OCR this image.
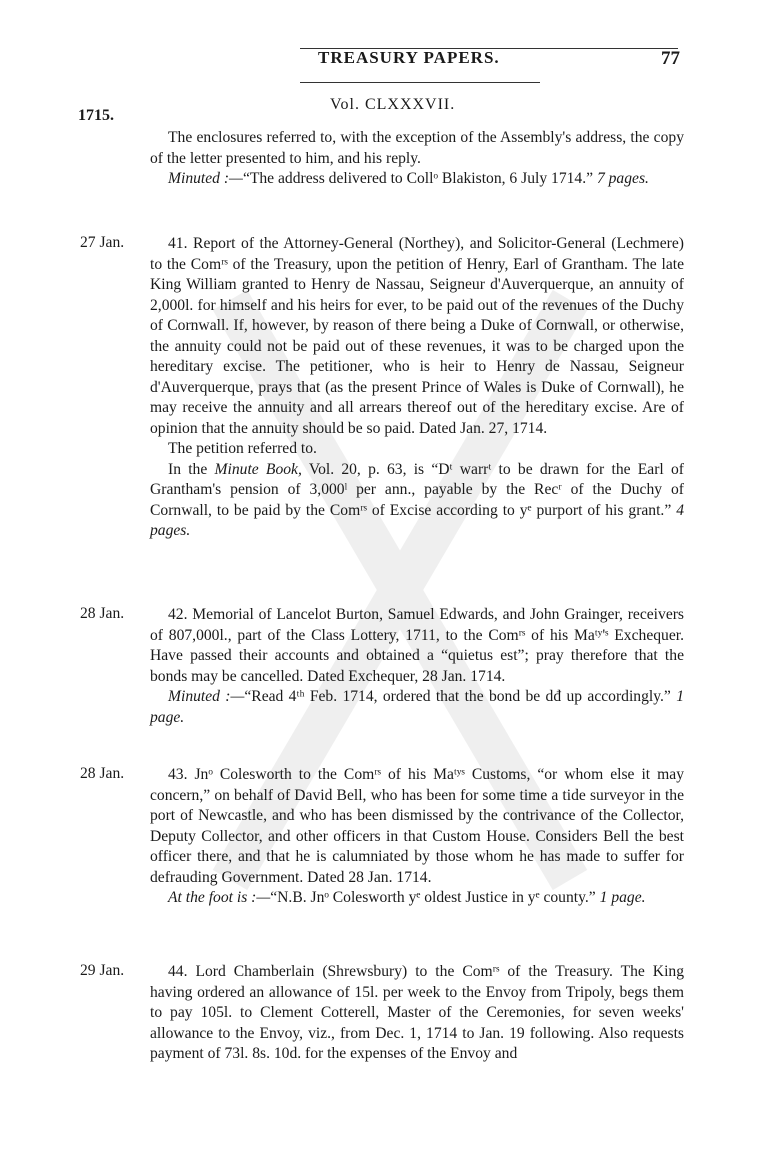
TREASURY PAPERS.	77
1715.
Vol. CLXXXVII.

The enclosures referred to, with the exception of the Assembly's address, the copy of the letter presented to him, and his reply.

Minuted :—“The address delivered to Collᵒ Blakiston, 6 July 1714.” 7 pages.

27 Jan.	41. Report of the Attorney-General (Northey), and Solicitor-General (Lechmere) to the Comʳˢ of the Treasury, upon the petition of Henry, Earl of Grantham. The late King William granted to Henry de Nassau, Seigneur d'Auverquerque, an annuity of 2,000l. for himself and his heirs for ever, to be paid out of the revenues of the Duchy of Cornwall. If, however, by reason of there being a Duke of Cornwall, or otherwise, the annuity could not be paid out of these revenues, it was to be charged upon the hereditary excise. The petitioner, who is heir to Henry de Nassau, Seigneur d'Auverquerque, prays that (as the present Prince of Wales is Duke of Cornwall), he may receive the annuity and all arrears thereof out of the hereditary excise. Are of opinion that the annuity should be so paid. Dated Jan. 27, 1714.

The petition referred to.

In the Minute Book, Vol. 20, p. 63, is “Dᵗ warrᵗ to be drawn for the Earl of Grantham's pension of 3,000ˡ per ann., payable by the Recʳ of the Duchy of Cornwall, to be paid by the Comʳˢ of Excise according to yᵉ purport of his grant.” 4 pages.

28 Jan.	42. Memorial of Lancelot Burton, Samuel Edwards, and John Grainger, receivers of 807,000l., part of the Class Lottery, 1711, to the Comʳˢ of his Maᵗʸ'ˢ Exchequer. Have passed their accounts and obtained a “quietus est”; pray therefore that the bonds may be cancelled. Dated Exchequer, 28 Jan. 1714.

Minuted :—“Read 4ᵗʰ Feb. 1714, ordered that the bond be dđ up accordingly.” 1 page.

28 Jan.	43. Jnᵒ Colesworth to the Comʳˢ of his Maᵗʸˢ Customs, “or whom else it may concern,” on behalf of David Bell, who has been for some time a tide surveyor in the port of Newcastle, and who has been dismissed by the contrivance of the Collector, Deputy Collector, and other officers in that Custom House. Considers Bell the best officer there, and that he is calumniated by those whom he has made to suffer for defrauding Government. Dated 28 Jan. 1714.

At the foot is :—“N.B. Jnᵒ Colesworth yᵉ oldest Justice in yᵉ county.” 1 page.

29 Jan.	44. Lord Chamberlain (Shrewsbury) to the Comʳˢ of the Treasury. The King having ordered an allowance of 15l. per week to the Envoy from Tripoly, begs them to pay 105l. to Clement Cotterell, Master of the Ceremonies, for seven weeks' allowance to the Envoy, viz., from Dec. 1, 1714 to Jan. 19 following. Also requests payment of 73l. 8s. 10d. for the expenses of the Envoy and
